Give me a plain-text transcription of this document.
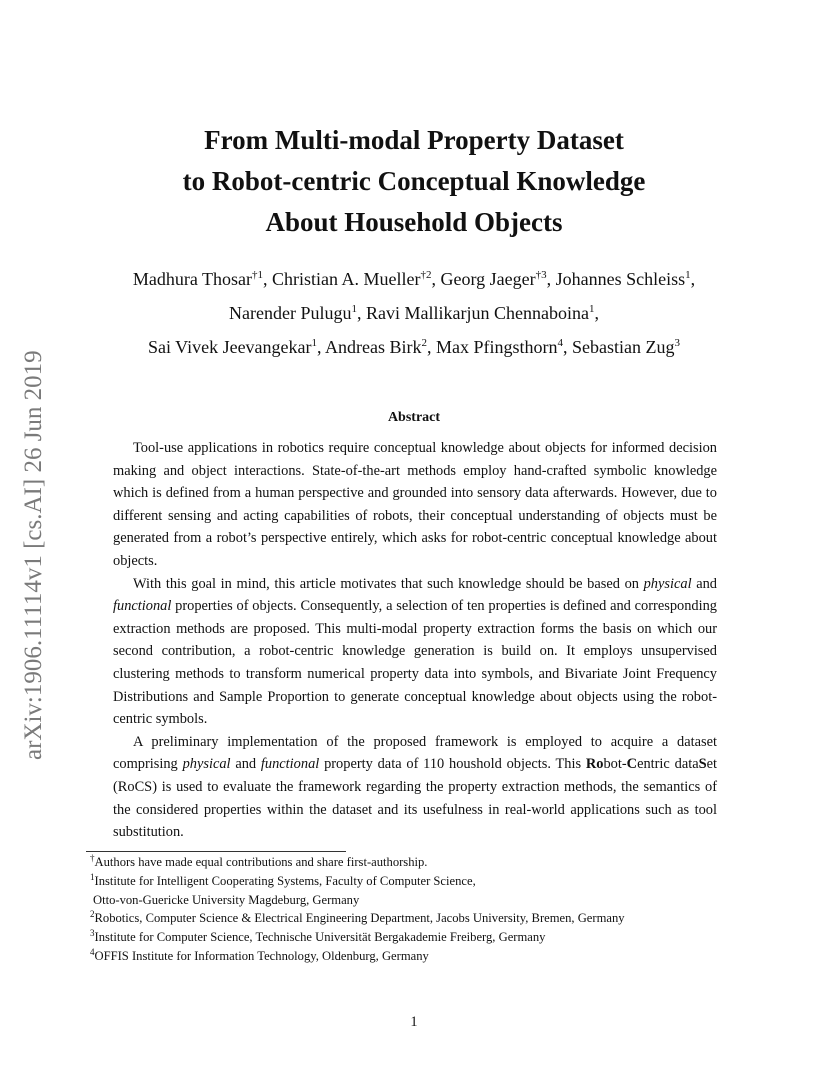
arXiv:1906.11114v1 [cs.AI] 26 Jun 2019
From Multi-modal Property Dataset
to Robot-centric Conceptual Knowledge
About Household Objects
Madhura Thosar$^{\dagger 1}$, Christian A. Mueller$^{\dagger 2}$, Georg Jaeger$^{\dagger 3}$, Johannes Schleiss$^1$,
Narender Pulugu$^1$, Ravi Mallikarjun Chennaboina$^1$,
Sai Vivek Jeevangekar$^1$, Andreas Birk$^2$, Max Pfingsthorn$^4$, Sebastian Zug$^3$
Abstract

Tool-use applications in robotics require conceptual knowledge about objects for informed decision making and object interactions. State-of-the-art methods employ hand-crafted symbolic knowledge which is defined from a human perspective and grounded into sensory data afterwards. However, due to different sensing and acting capabilities of robots, their conceptual understanding of objects must be generated from a robot’s perspective entirely, which asks for robot-centric conceptual knowledge about objects.

With this goal in mind, this article motivates that such knowledge should be based on physical and functional properties of objects. Consequently, a selection of ten properties is defined and corresponding extraction methods are proposed. This multi-modal property extraction forms the basis on which our second contribution, a robot-centric knowledge generation is build on. It employs unsupervised clustering methods to transform numerical property data into symbols, and Bivariate Joint Frequency Distributions and Sample Proportion to generate conceptual knowledge about objects using the robot-centric symbols.

A preliminary implementation of the proposed framework is employed to acquire a dataset comprising physical and functional property data of 110 houshold objects. This Robot-Centric dataSet (RoCS) is used to evaluate the framework regarding the property extraction methods, the semantics of the considered properties within the dataset and its usefulness in real-world applications such as tool substitution.

†Authors have made equal contributions and share first-authorship.
$^1$Institute for Intelligent Cooperating Systems, Faculty of Computer Science,
Otto-von-Guericke University Magdeburg, Germany
$^2$Robotics, Computer Science & Electrical Engineering Department, Jacobs University, Bremen, Germany
$^3$Institute for Computer Science, Technische Universität Bergakademie Freiberg, Germany
$^4$OFFIS Institute for Information Technology, Oldenburg, Germany
1
